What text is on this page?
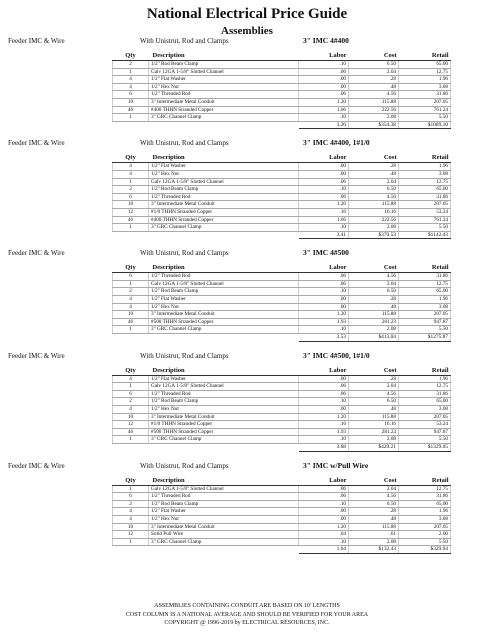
National Electrical Price Guide
Assemblies
Feeder IMC & Wire	With Unistrut, Rod and Clamps	3" IMC 4#400
Qty	Description	Labor	Cost	Retail
2	1/2" Rod Beam Clamp	.10	6.50	65.00
1	Galv 12GA 1-5/8" Slotted Channel	.06	2.04	12.75
4	1/2" Flat Washer	.00	.28	1.96
4	1/2" Hex Nut	.00	.48	3.08
6	1/2" Threaded Rod	.06	4.56	31.86
10	3" Intermediate Metal Conduit	1.20	115.88	207.05
46	#400 THHN Stranded Copper	1.66	222.56	761.24
1	3" GRC Channel Clamp	.10	2.08	5.50
		3.26	$354.38	$1089.10
Feeder IMC & Wire	With Unistrut, Rod and Clamps	3" IMC 4#400, 1#1/0
Qty	Description	Labor	Cost	Retail
4	1/2" Flat Washer	.00	.28	1.96
4	1/2" Hex Nut	.00	.48	3.08
1	Galv 12GA 1-5/8" Slotted Channel	.06	2.04	12.75
2	1/2" Rod Beam Clamp	.10	6.50	65.00
6	1/2" Threaded Rod	.06	4.56	31.86
10	3" Intermediate Metal Conduit	1.20	115.88	207.05
12	#1/0 THHN Stranded Copper	.16	16.16	53.24
46	#400 THHN Stranded Copper	1.66	222.56	761.24
1	3" GRC Channel Clamp	.10	2.08	5.50
		3.41	$370.53	$1142.43
Feeder IMC & Wire	With Unistrut, Rod and Clamps	3" IMC 4#500
Qty	Description	Labor	Cost	Retail
6	1/2" Threaded Rod	.06	4.56	31.86
1	Galv 12GA 1-5/8" Slotted Channel	.06	2.04	12.75
2	1/2" Rod Beam Clamp	.10	6.50	65.00
4	1/2" Flat Washer	.00	.28	1.96
4	1/2" Hex Nut	.00	.48	3.08
10	3" Intermediate Metal Conduit	1.20	115.88	207.05
46	#500 THHN Stranded Copper	1.93	281.23	947.87
1	3" GRC Channel Clamp	.10	2.08	5.50
		3.53	$413.04	$1275.87
Feeder IMC & Wire	With Unistrut, Rod and Clamps	3" IMC 4#500, 1#1/0
Qty	Description	Labor	Cost	Retail
4	1/2" Flat Washer	.00	.28	1.96
1	Galv 12GA 1-5/8" Slotted Channel	.06	2.04	12.75
6	1/2" Threaded Rod	.06	4.56	31.86
2	1/2" Rod Beam Clamp	.10	6.50	65.00
4	1/2" Hex Nut	.00	.48	3.08
10	3" Intermediate Metal Conduit	1.20	115.88	207.05
12	#1/0 THHN Stranded Copper	.16	16.16	53.24
46	#500 THHN Stranded Copper	1.93	281.23	947.87
1	3" GRC Channel Clamp	.10	2.08	5.50
		3.68	$429.21	$1329.05
Feeder IMC & Wire	With Unistrut, Rod and Clamps	3" IMC w/Pull Wire
Qty	Description	Labor	Cost	Retail
1	Galv 12GA 1-5/8" Slotted Channel	.06	2.04	12.75
6	1/2" Threaded Rod	.06	4.56	31.86
2	1/2" Rod Beam Clamp	.10	6.50	65.00
4	1/2" Flat Washer	.00	.28	1.96
4	1/2" Hex Nut	.00	.48	3.08
10	3" Intermediate Metal Conduit	1.20	115.88	207.05
12	Solid Pull Wire	.04	.61	2.00
1	3" GRC Channel Clamp	.10	2.08	5.50
		1.64	$132.43	$329.94
ASSEMBLIES CONTAINING CONDUIT ARE BASED ON 10' LENGTHS
COST COLUMN IS A NATIONAL AVERAGE AND SHOULD BE VERIFIED FOR YOUR AREA
COPYRIGHT @ 1996-2019 by ELECTRICAL RESOURCES, INC.
